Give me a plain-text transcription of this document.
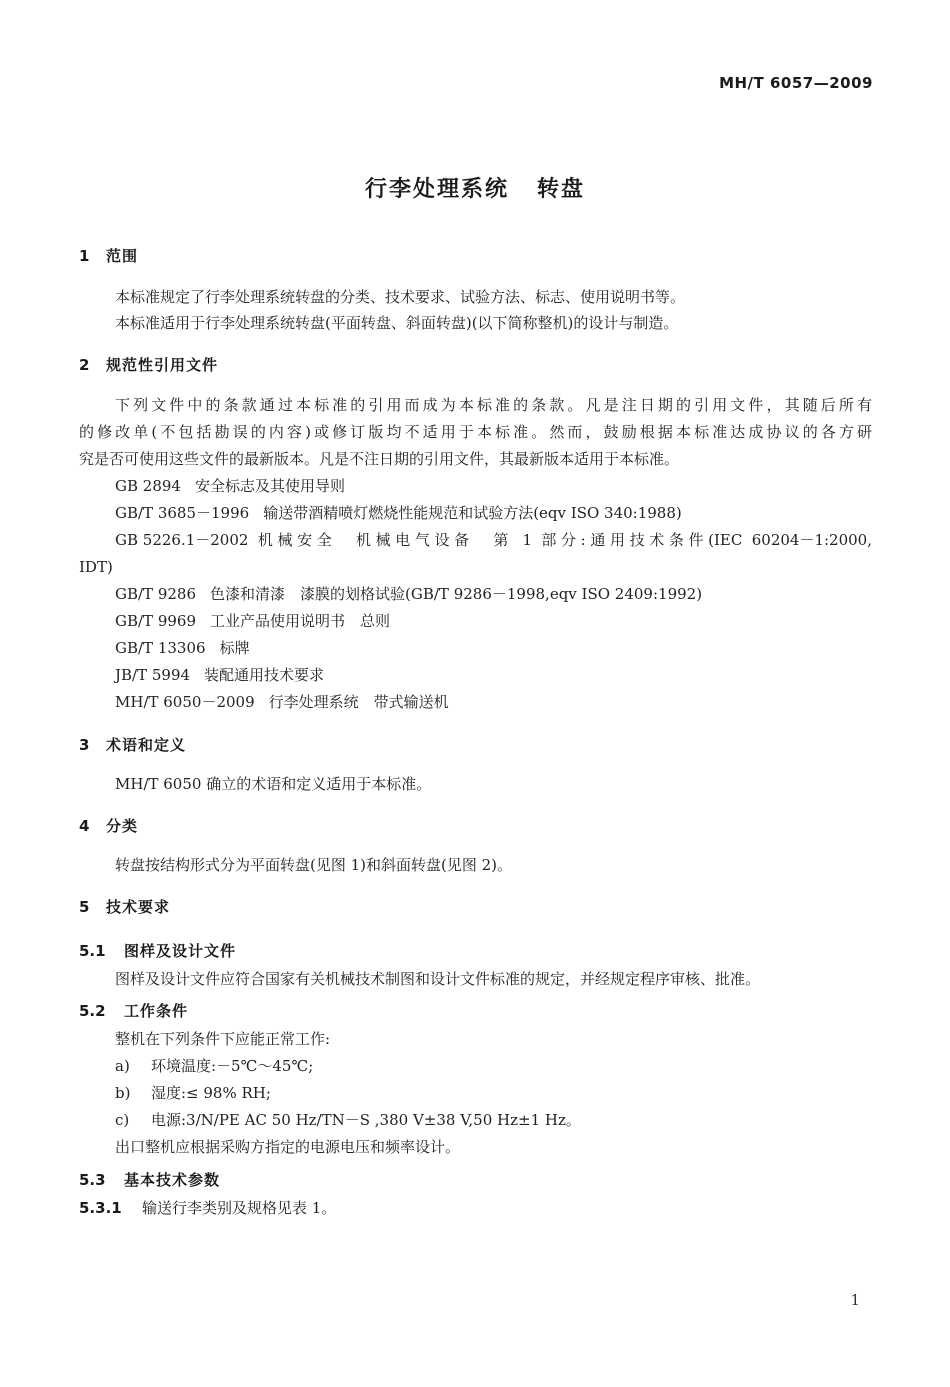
MH/T 6057—2009
行李处理系统 转盘
1 范围
本标准规定了行李处理系统转盘的分类、技术要求、试验方法、标志、使用说明书等。
本标准适用于行李处理系统转盘(平面转盘、斜面转盘)(以下简称整机)的设计与制造。
2 规范性引用文件
下列文件中的条款通过本标准的引用而成为本标准的条款。凡是注日期的引用文件，其随后所有
的修改单(不包括勘误的内容)或修订版均不适用于本标准。然而，鼓励根据本标准达成协议的各方研
究是否可使用这些文件的最新版本。凡是不注日期的引用文件，其最新版本适用于本标准。
GB 2894 安全标志及其使用导则
GB/T 3685－1996 输送带酒精喷灯燃烧性能规范和试验方法(eqv ISO 340:1988)
GB 5226.1－2002 机械安全　机械电气设备　第 1 部分:通用技术条件(IEC 60204－1:2000,
IDT)
GB/T 9286 色漆和清漆　漆膜的划格试验(GB/T 9286－1998,eqv ISO 2409:1992)
GB/T 9969 工业产品使用说明书　总则
GB/T 13306 标牌
JB/T 5994 装配通用技术要求
MH/T 6050－2009 行李处理系统　带式输送机
3 术语和定义
MH/T 6050 确立的术语和定义适用于本标准。
4 分类
转盘按结构形式分为平面转盘(见图 1)和斜面转盘(见图 2)。
5 技术要求
5.1 图样及设计文件
图样及设计文件应符合国家有关机械技术制图和设计文件标准的规定，并经规定程序审核、批准。
5.2 工作条件
整机在下列条件下应能正常工作:
a) 环境温度:－5℃～45℃;
b) 湿度:≤ 98% RH;
c) 电源:3/N/PE AC 50 Hz/TN－S ,380 V±38 V,50 Hz±1 Hz。
出口整机应根据采购方指定的电源电压和频率设计。
5.3 基本技术参数
5.3.1 输送行李类别及规格见表 1。
1
